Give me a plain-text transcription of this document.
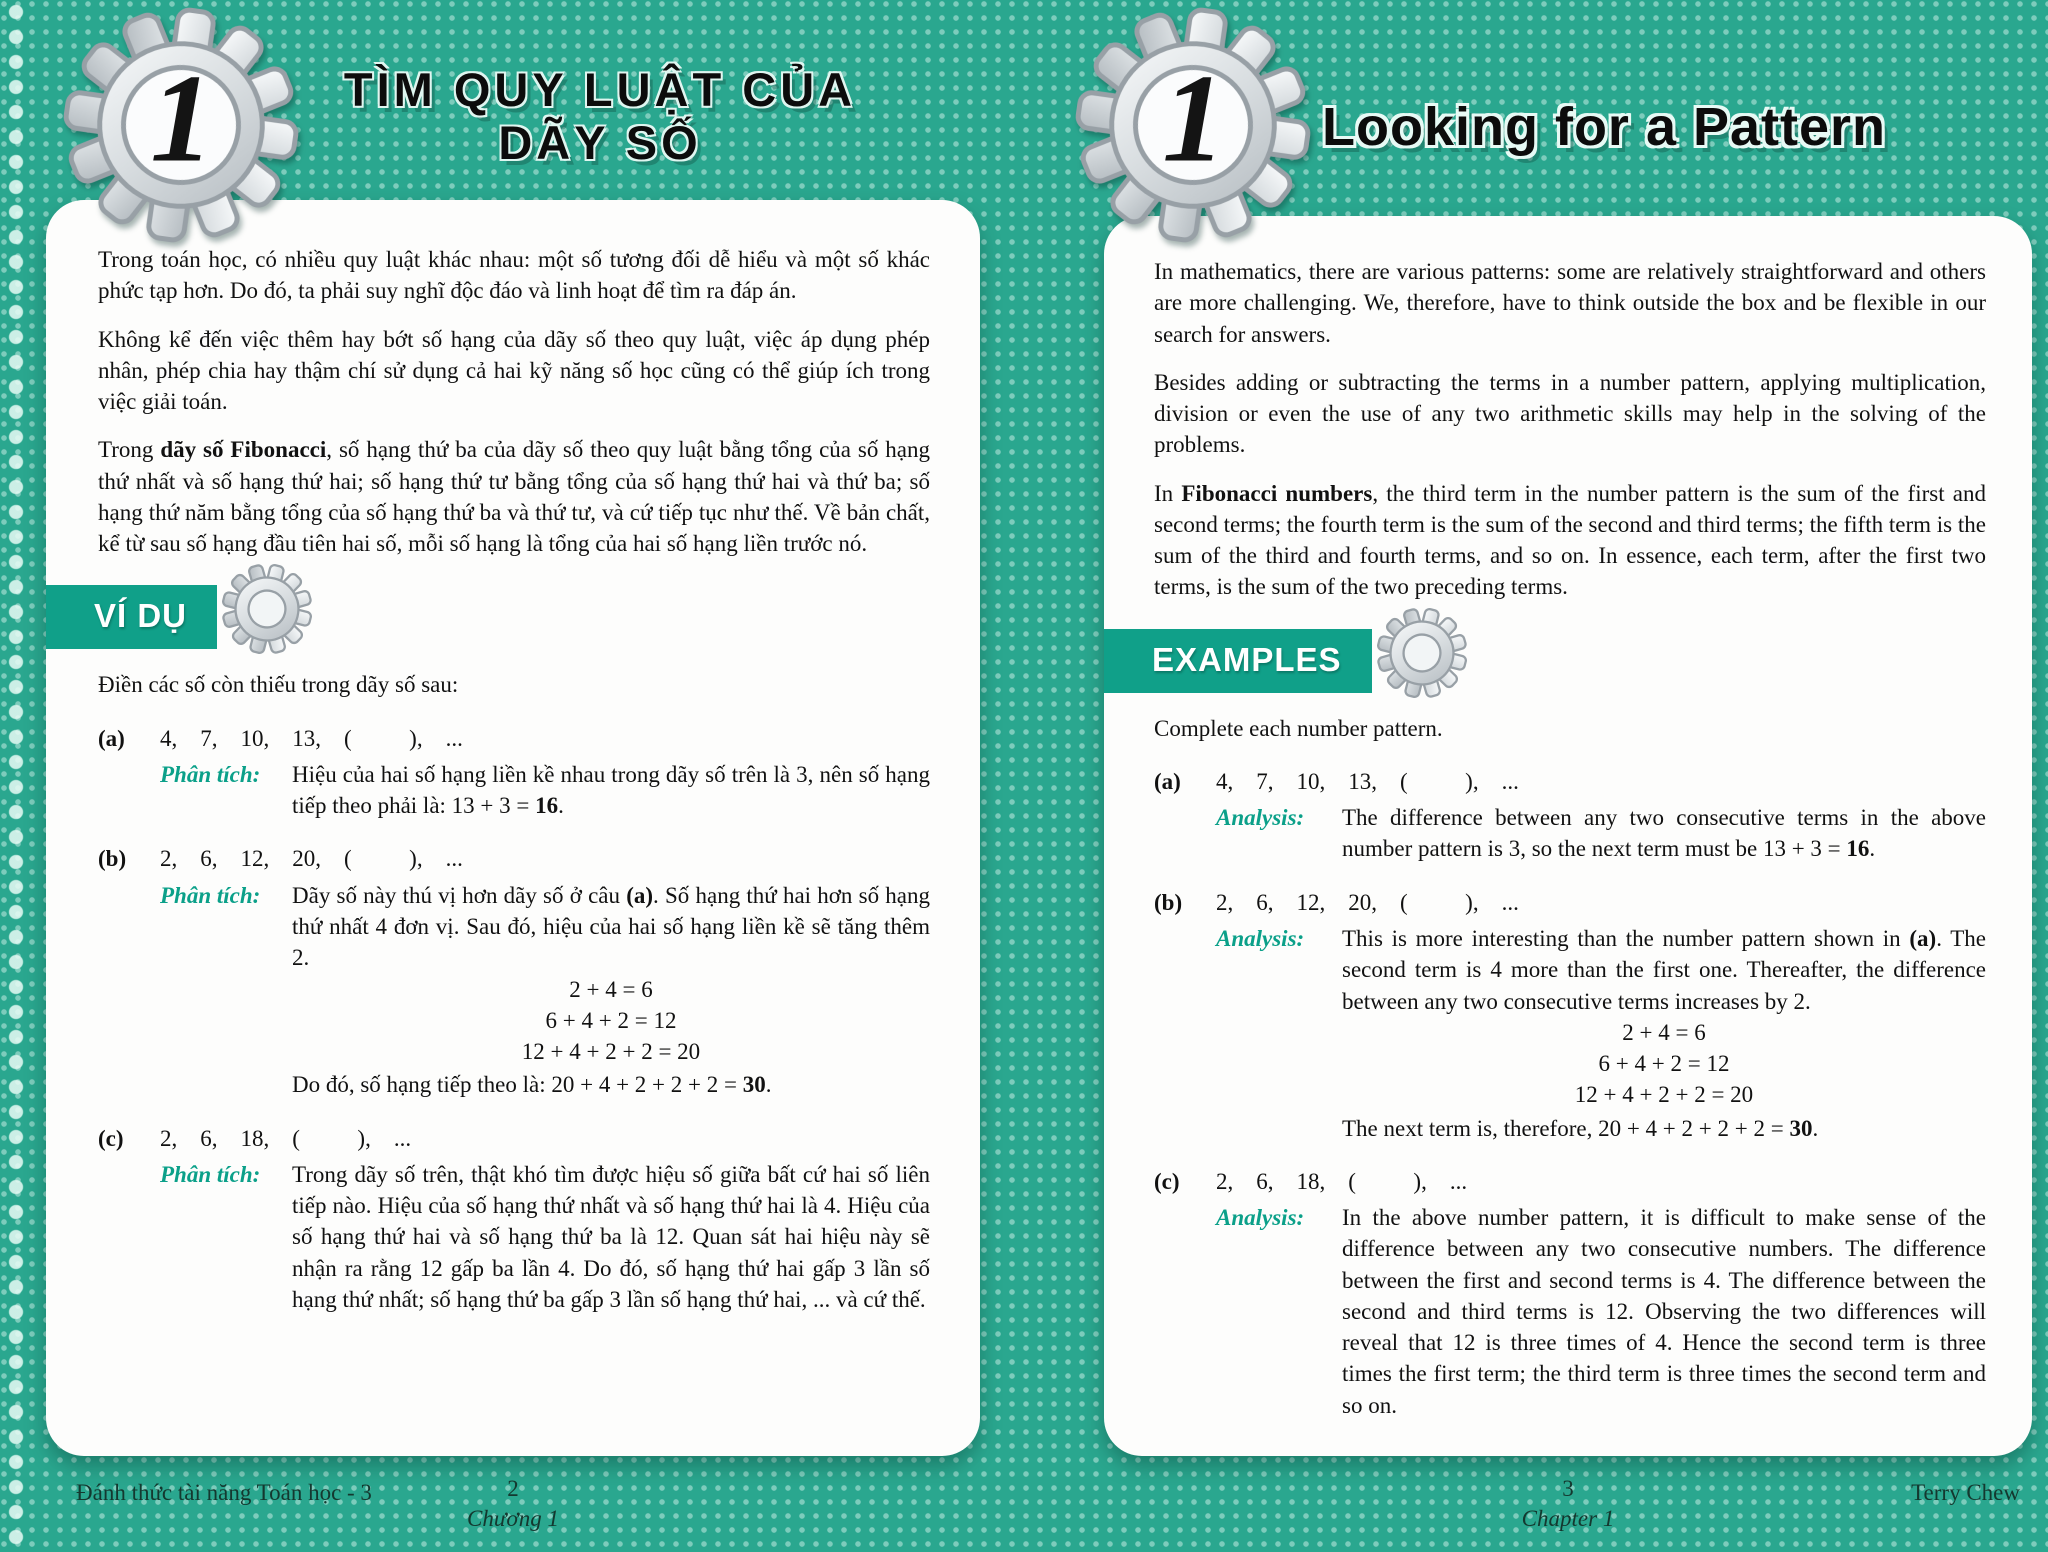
1	TÌM QUY LUẬT CỦA
DÃY SỐ

Trong toán học, có nhiều quy luật khác nhau: một số tương đối dễ hiểu và một số khác phức tạp hơn. Do đó, ta phải suy nghĩ độc đáo và linh hoạt để tìm ra đáp án.

Không kể đến việc thêm hay bớt số hạng của dãy số theo quy luật, việc áp dụng phép nhân, phép chia hay thậm chí sử dụng cả hai kỹ năng số học cũng có thể giúp ích trong việc giải toán.

Trong dãy số Fibonacci, số hạng thứ ba của dãy số theo quy luật bằng tổng của số hạng thứ nhất và số hạng thứ hai; số hạng thứ tư bằng tổng của số hạng thứ hai và thứ ba; số hạng thứ năm bằng tổng của số hạng thứ ba và thứ tư, và cứ tiếp tục như thế. Về bản chất, kể từ sau số hạng đầu tiên hai số, mỗi số hạng là tổng của hai số hạng liền trước nó.

VÍ DỤ

Điền các số còn thiếu trong dãy số sau:

(a)	4,    7,    10,    13,    (          ),    ...
Phân tích:	Hiệu của hai số hạng liền kề nhau trong dãy số trên là 3, nên số hạng tiếp theo phải là: 13 + 3 = 16.
(b)	2,    6,    12,    20,    (          ),    ...
Phân tích:	Dãy số này thú vị hơn dãy số ở câu (a). Số hạng thứ hai hơn số hạng thứ nhất 4 đơn vị. Sau đó, hiệu của hai số hạng liền kề sẽ tăng thêm 2.
2 + 4 = 6
6 + 4 + 2 = 12
12 + 4 + 2 + 2 = 20
Do đó, số hạng tiếp theo là: 20 + 4 + 2 + 2 + 2 = 30.
(c)	2,    6,    18,    (          ),    ...
Phân tích:	Trong dãy số trên, thật khó tìm được hiệu số giữa bất cứ hai số liên tiếp nào. Hiệu của số hạng thứ nhất và số hạng thứ hai là 4. Hiệu của số hạng thứ hai và số hạng thứ ba là 12. Quan sát hai hiệu này sẽ nhận ra rằng 12 gấp ba lần 4. Do đó, số hạng thứ hai gấp 3 lần số hạng thứ nhất; số hạng thứ ba gấp 3 lần số hạng thứ hai, ... và cứ thế.
Đánh thức tài năng Toán học - 3	2
Chương 1
1	Looking for a Pattern

In mathematics, there are various patterns: some are relatively straightforward and others are more challenging. We, therefore, have to think outside the box and be flexible in our search for answers.

Besides adding or subtracting the terms in a number pattern, applying multiplication, division or even the use of any two arithmetic skills may help in the solving of the problems.

In Fibonacci numbers, the third term in the number pattern is the sum of the first and second terms; the fourth term is the sum of the second and third terms; the fifth term is the sum of the third and fourth terms, and so on. In essence, each term, after the first two terms, is the sum of the two preceding terms.

EXAMPLES

Complete each number pattern.

(a)	4,    7,    10,    13,    (          ),    ...
Analysis:	The difference between any two consecutive terms in the above number pattern is 3, so the next term must be 13 + 3 = 16.
(b)	2,    6,    12,    20,    (          ),    ...
Analysis:	This is more interesting than the number pattern shown in (a). The second term is 4 more than the first one. Thereafter, the difference between any two consecutive terms increases by 2.
2 + 4 = 6
6 + 4 + 2 = 12
12 + 4 + 2 + 2 = 20
The next term is, therefore, 20 + 4 + 2 + 2 + 2 = 30.
(c)	2,    6,    18,    (          ),    ...
Analysis:	In the above number pattern, it is difficult to make sense of the difference between any two consecutive numbers. The difference between the first and second terms is 4. The difference between the second and third terms is 12. Observing the two differences will reveal that 12 is three times of 4. Hence the second term is three times the first term; the third term is three times the second term and so on.
3
Chapter 1
Terry Chew
